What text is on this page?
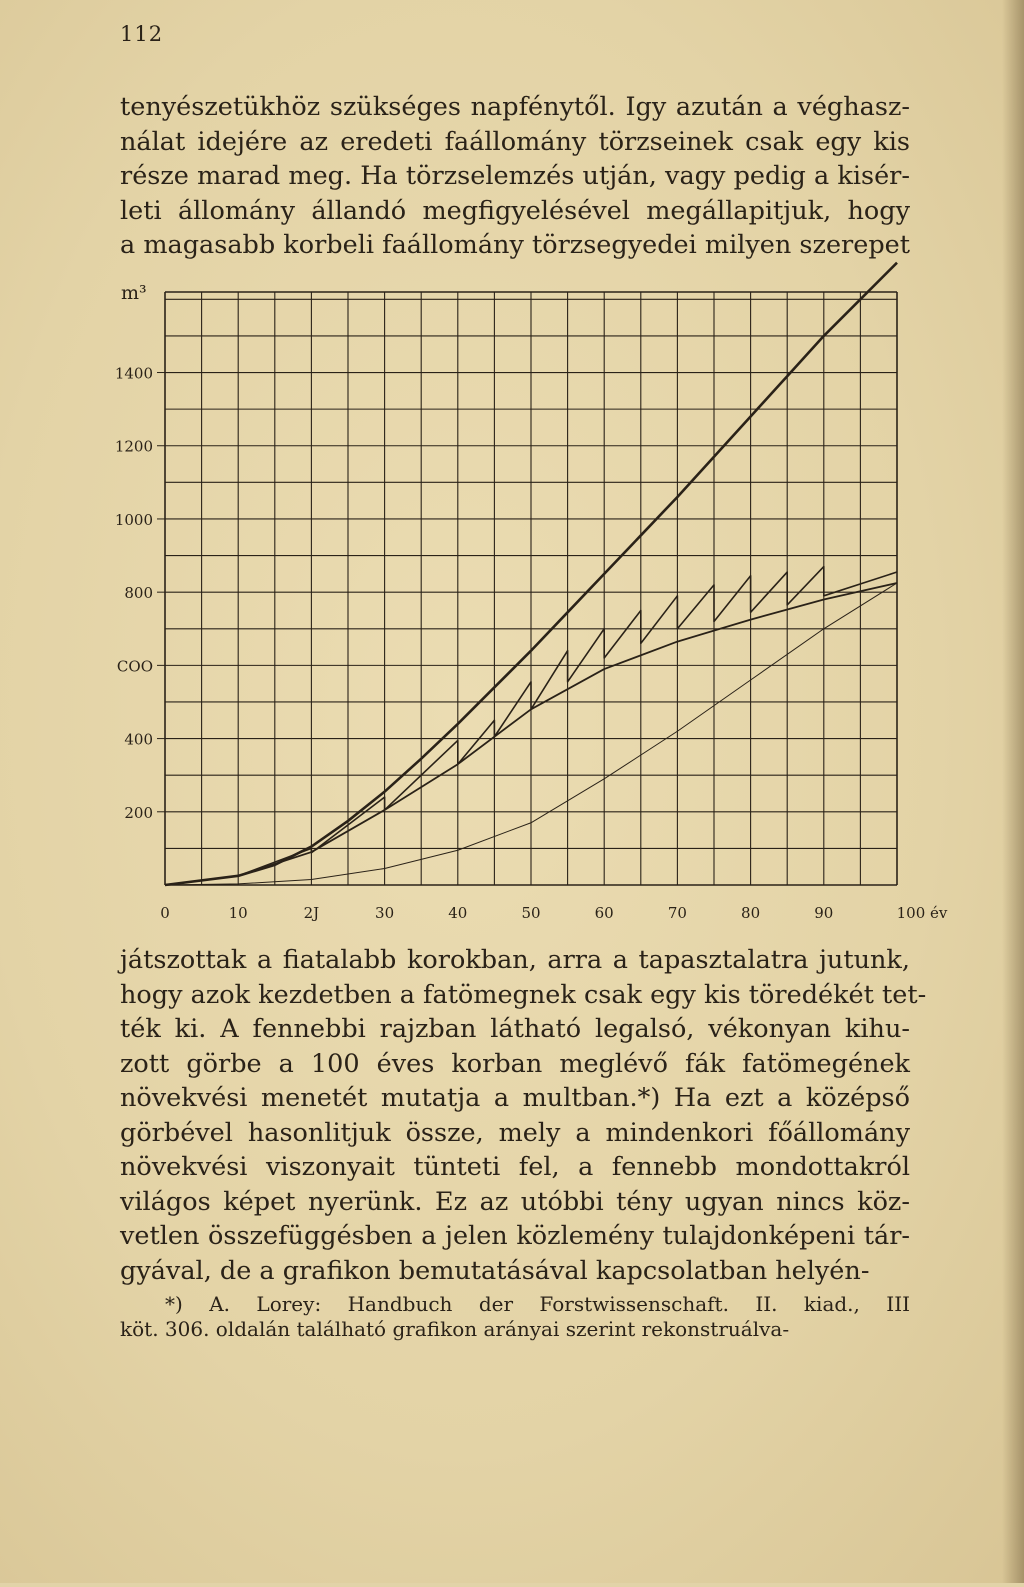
112
tenyészetükhöz szükséges napfénytől. Igy azután a véghasz-
nálat idejére az eredeti faállomány törzseinek csak egy kis
része marad meg. Ha törzselemzés utján, vagy pedig a kisér-
leti állomány állandó megfigyelésével megállapitjuk, hogy
a magasabb korbeli faállomány törzsegyedei milyen szerepet
m³
200
400
COO
800
1000
1200
1400
0	10	2J	30	40	50	60	70	80	90	100 év
játszottak a fiatalabb korokban, arra a tapasztalatra jutunk,
hogy azok kezdetben a fatömegnek csak egy kis töredékét tet-
ték ki. A fennebbi rajzban látható legalsó, vékonyan kihu-
zott görbe a 100 éves korban meglévő fák fatömegének
növekvési menetét mutatja a multban.*) Ha ezt a középső
görbével hasonlitjuk össze, mely a mindenkori főállomány
növekvési viszonyait tünteti fel, a fennebb mondottakról
világos képet nyerünk. Ez az utóbbi tény ugyan nincs köz-
vetlen összefüggésben a jelen közlemény tulajdonképeni tár-
gyával, de a grafikon bemutatásával kapcsolatban helyén-
*) A. Lorey: Handbuch der Forstwissenschaft. II. kiad., III
köt. 306. oldalán található grafikon arányai szerint rekonstruálva-
